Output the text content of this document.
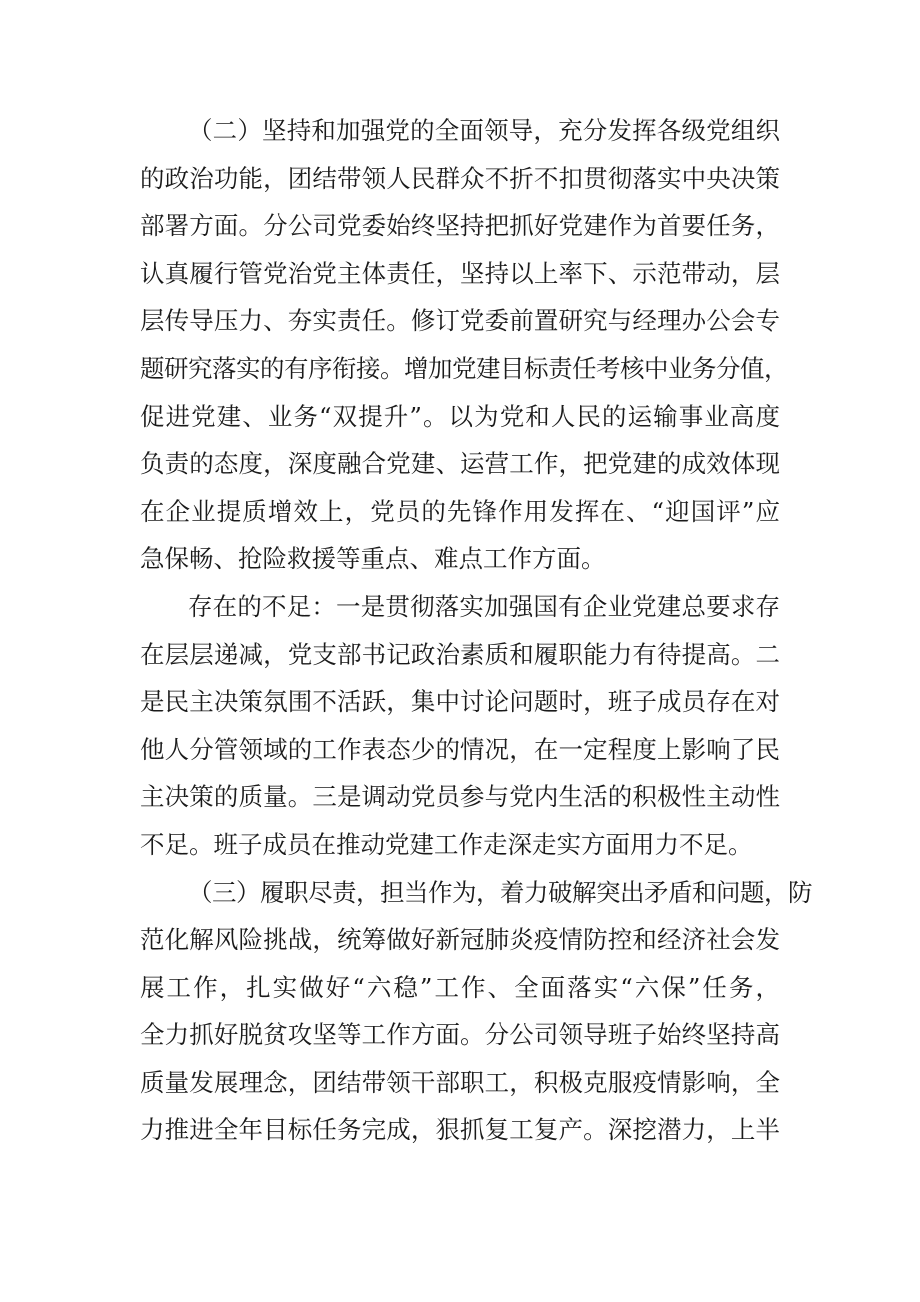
（二）坚持和加强党的全面领导，充分发挥各级党组织
的政治功能，团结带领人民群众不折不扣贯彻落实中央决策
部署方面。分公司党委始终坚持把抓好党建作为首要任务，
认真履行管党治党主体责任，坚持以上率下、示范带动，层
层传导压力、夯实责任。修订党委前置研究与经理办公会专
题研究落实的有序衔接。增加党建目标责任考核中业务分值，
促进党建、业务“双提升”。以为党和人民的运输事业高度
负责的态度，深度融合党建、运营工作，把党建的成效体现
在企业提质增效上，党员的先锋作用发挥在、“迎国评”应
急保畅、抢险救援等重点、难点工作方面。
存在的不足：一是贯彻落实加强国有企业党建总要求存
在层层递减，党支部书记政治素质和履职能力有待提高。二
是民主决策氛围不活跃，集中讨论问题时，班子成员存在对
他人分管领域的工作表态少的情况，在一定程度上影响了民
主决策的质量。三是调动党员参与党内生活的积极性主动性
不足。班子成员在推动党建工作走深走实方面用力不足。
（三）履职尽责，担当作为，着力破解突出矛盾和问题，防
范化解风险挑战，统筹做好新冠肺炎疫情防控和经济社会发
展工作，扎实做好“六稳”工作、全面落实“六保”任务，
全力抓好脱贫攻坚等工作方面。分公司领导班子始终坚持高
质量发展理念，团结带领干部职工，积极克服疫情影响，全
力推进全年目标任务完成，狠抓复工复产。深挖潜力，上半
